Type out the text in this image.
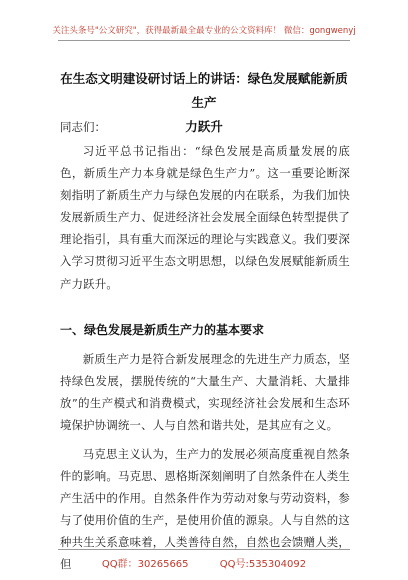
关注头条号"公文研究"，获得最新最全最专业的公文资料库！ 微信：gongwenyj
在生态文明建设研讨话上的讲话：绿色发展赋能新质生产
力跃升
同志们：

习近平总书记指出：“绿色发展是高质量发展的底色，新质生产力本身就是绿色生产力”。这一重要论断深刻指明了新质生产力与绿色发展的内在联系，为我们加快发展新质生产力、促进经济社会发展全面绿色转型提供了理论指引，具有重大而深远的理论与实践意义。我们要深入学习贯彻习近平生态文明思想，以绿色发展赋能新质生产力跃升。

一、绿色发展是新质生产力的基本要求

新质生产力是符合新发展理念的先进生产力质态，坚持绿色发展，摆脱传统的“大量生产、大量消耗、大量排放”的生产模式和消费模式，实现经济社会发展和生态环境保护协调统一、人与自然和谐共处，是其应有之义。

马克思主义认为，生产力的发展必须高度重视自然条件的影响。马克思、恩格斯深刻阐明了自然条件在人类生产生活中的作用。自然条件作为劳动对象与劳动资料，参与了使用价值的生产，是使用价值的源泉。人与自然的这种共生关系意味着，人类善待自然，自然也会馈赠人类，但	QQ群：30265665	QQ号:535304092
